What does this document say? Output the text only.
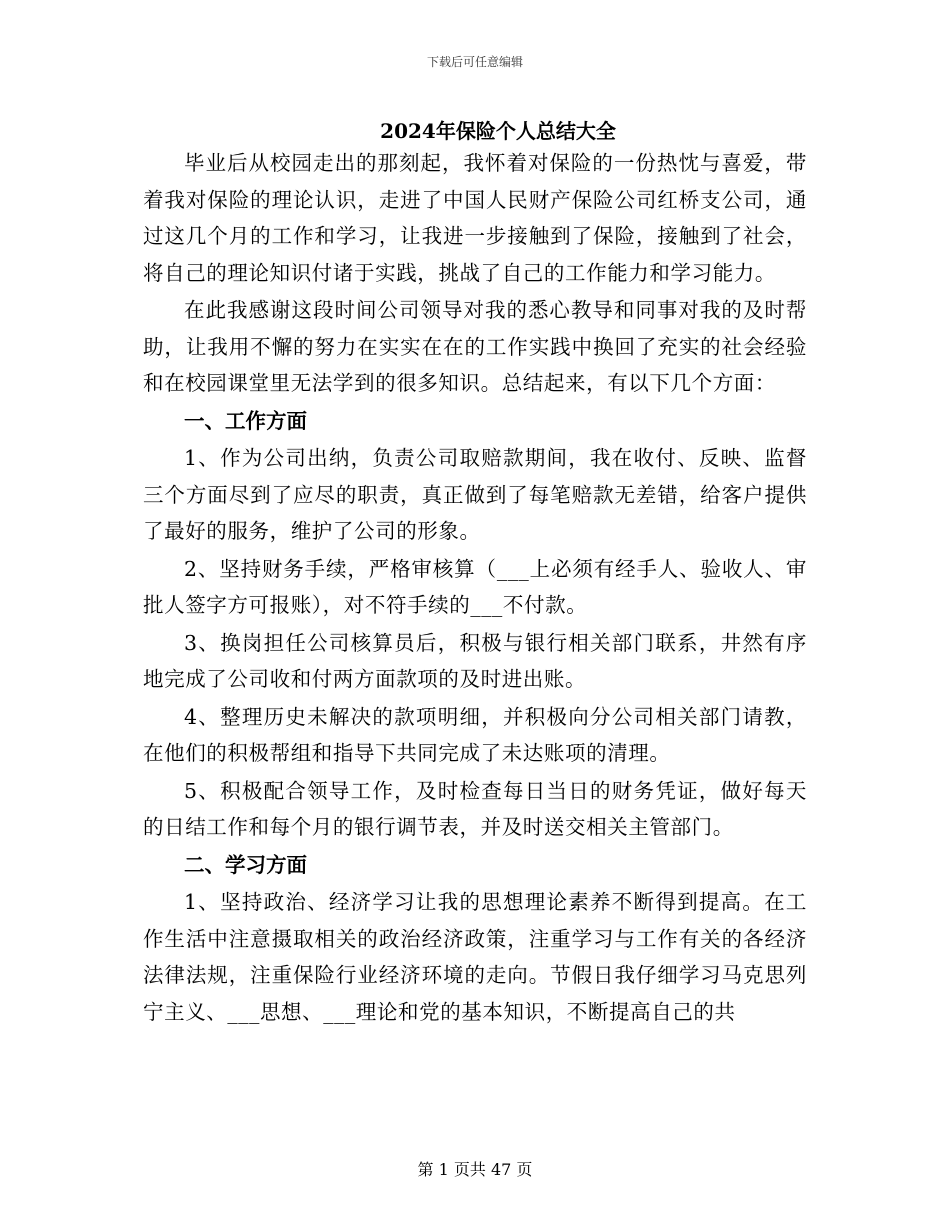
下载后可任意编辑
2024年保险个人总结大全

毕业后从校园走出的那刻起，我怀着对保险的一份热忱与喜爱，带着我对保险的理论认识，走进了中国人民财产保险公司红桥支公司，通过这几个月的工作和学习，让我进一步接触到了保险，接触到了社会，将自己的理论知识付诸于实践，挑战了自己的工作能力和学习能力。

在此我感谢这段时间公司领导对我的悉心教导和同事对我的及时帮助，让我用不懈的努力在实实在在的工作实践中换回了充实的社会经验和在校园课堂里无法学到的很多知识。总结起来，有以下几个方面：

一、工作方面

1、作为公司出纳，负责公司取赔款期间，我在收付、反映、监督三个方面尽到了应尽的职责，真正做到了每笔赔款无差错，给客户提供了最好的服务，维护了公司的形象。

2、坚持财务手续，严格审核算（___上必须有经手人、验收人、审批人签字方可报账），对不符手续的___不付款。

3、换岗担任公司核算员后，积极与银行相关部门联系，井然有序地完成了公司收和付两方面款项的及时进出账。

4、整理历史未解决的款项明细，并积极向分公司相关部门请教，在他们的积极帮组和指导下共同完成了未达账项的清理。

5、积极配合领导工作，及时检查每日当日的财务凭证，做好每天的日结工作和每个月的银行调节表，并及时送交相关主管部门。

二、学习方面

1、坚持政治、经济学习让我的思想理论素养不断得到提高。在工作生活中注意摄取相关的政治经济政策，注重学习与工作有关的各经济法律法规，注重保险行业经济环境的走向。节假日我仔细学习马克思列宁主义、___思想、___理论和党的基本知识，不断提高自己的共

第 1 页共 47 页
